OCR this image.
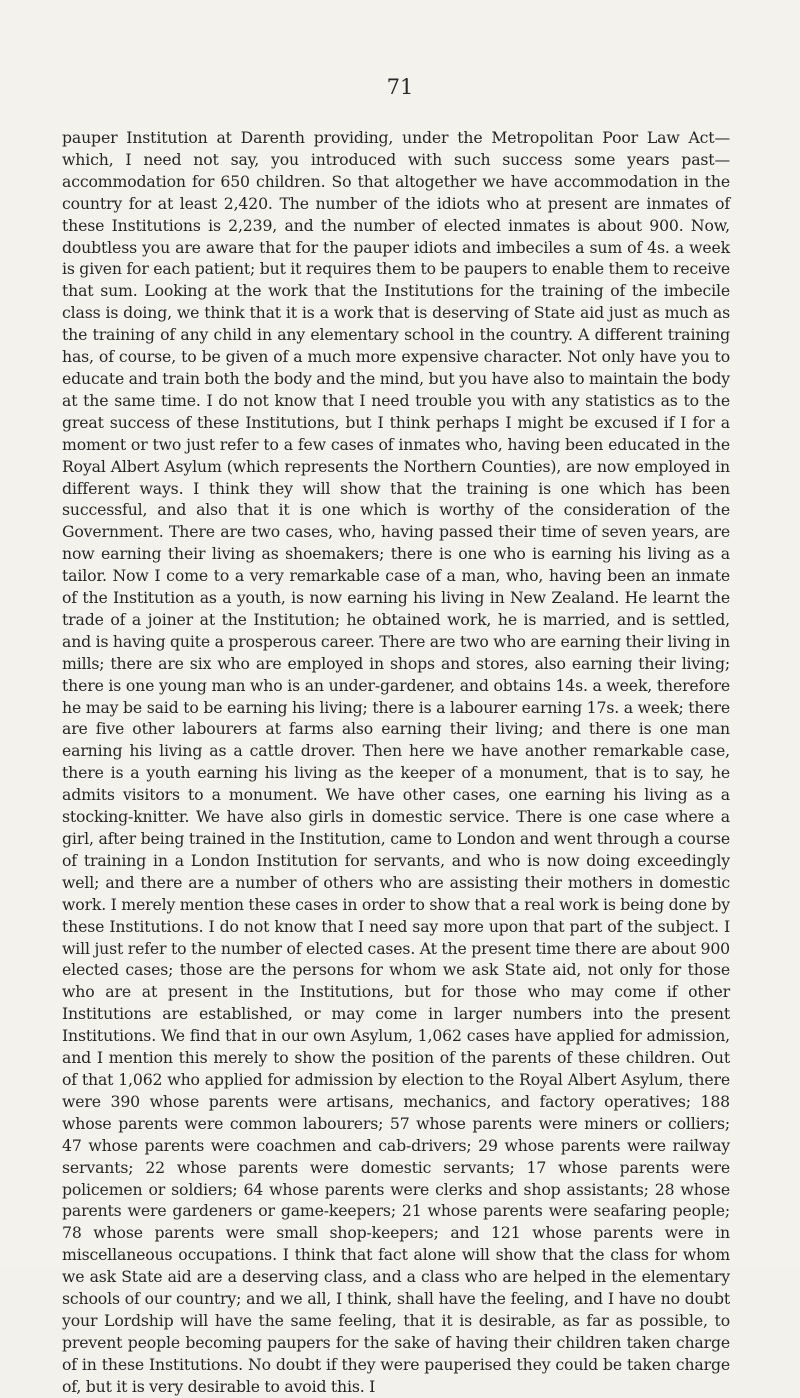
71

pauper Institution at Darenth providing, under the Metropolitan Poor Law Act—which, I need not say, you introduced with such success some years past—accommodation for 650 children. So that altogether we have accommodation in the country for at least 2,420. The number of the idiots who at present are inmates of these Institutions is 2,239, and the number of elected inmates is about 900. Now, doubtless you are aware that for the pauper idiots and imbeciles a sum of 4s. a week is given for each patient; but it requires them to be paupers to enable them to receive that sum. Looking at the work that the Institutions for the training of the imbecile class is doing, we think that it is a work that is deserving of State aid just as much as the training of any child in any elementary school in the country. A different training has, of course, to be given of a much more expensive character. Not only have you to educate and train both the body and the mind, but you have also to maintain the body at the same time. I do not know that I need trouble you with any statistics as to the great success of these Institutions, but I think perhaps I might be excused if I for a moment or two just refer to a few cases of inmates who, having been educated in the Royal Albert Asylum (which represents the Northern Counties), are now employed in different ways. I think they will show that the training is one which has been successful, and also that it is one which is worthy of the consideration of the Government. There are two cases, who, having passed their time of seven years, are now earning their living as shoemakers; there is one who is earning his living as a tailor. Now I come to a very remarkable case of a man, who, having been an inmate of the Institution as a youth, is now earning his living in New Zealand. He learnt the trade of a joiner at the Institution; he obtained work, he is married, and is settled, and is having quite a prosperous career. There are two who are earning their living in mills; there are six who are employed in shops and stores, also earning their living; there is one young man who is an under-gardener, and obtains 14s. a week, therefore he may be said to be earning his living; there is a labourer earning 17s. a week; there are five other labourers at farms also earning their living; and there is one man earning his living as a cattle drover. Then here we have another remarkable case, there is a youth earning his living as the keeper of a monument, that is to say, he admits visitors to a monument. We have other cases, one earning his living as a stocking-knitter. We have also girls in domestic service. There is one case where a girl, after being trained in the Institution, came to London and went through a course of training in a London Institution for servants, and who is now doing exceedingly well; and there are a number of others who are assisting their mothers in domestic work. I merely mention these cases in order to show that a real work is being done by these Institutions. I do not know that I need say more upon that part of the subject. I will just refer to the number of elected cases. At the present time there are about 900 elected cases; those are the persons for whom we ask State aid, not only for those who are at present in the Institutions, but for those who may come if other Institutions are established, or may come in larger numbers into the present Institutions. We find that in our own Asylum, 1,062 cases have applied for admission, and I mention this merely to show the position of the parents of these children. Out of that 1,062 who applied for admission by election to the Royal Albert Asylum, there were 390 whose parents were artisans, mechanics, and factory operatives; 188 whose parents were common labourers; 57 whose parents were miners or colliers; 47 whose parents were coachmen and cab-drivers; 29 whose parents were railway servants; 22 whose parents were domestic servants; 17 whose parents were policemen or soldiers; 64 whose parents were clerks and shop assistants; 28 whose parents were gardeners or game-keepers; 21 whose parents were seafaring people; 78 whose parents were small shop-keepers; and 121 whose parents were in miscellaneous occupations. I think that fact alone will show that the class for whom we ask State aid are a deserving class, and a class who are helped in the elementary schools of our country; and we all, I think, shall have the feeling, and I have no doubt your Lordship will have the same feeling, that it is desirable, as far as possible, to prevent people becoming paupers for the sake of having their children taken charge of in these Institutions. No doubt if they were pauperised they could be taken charge of, but it is very desirable to avoid this. I
